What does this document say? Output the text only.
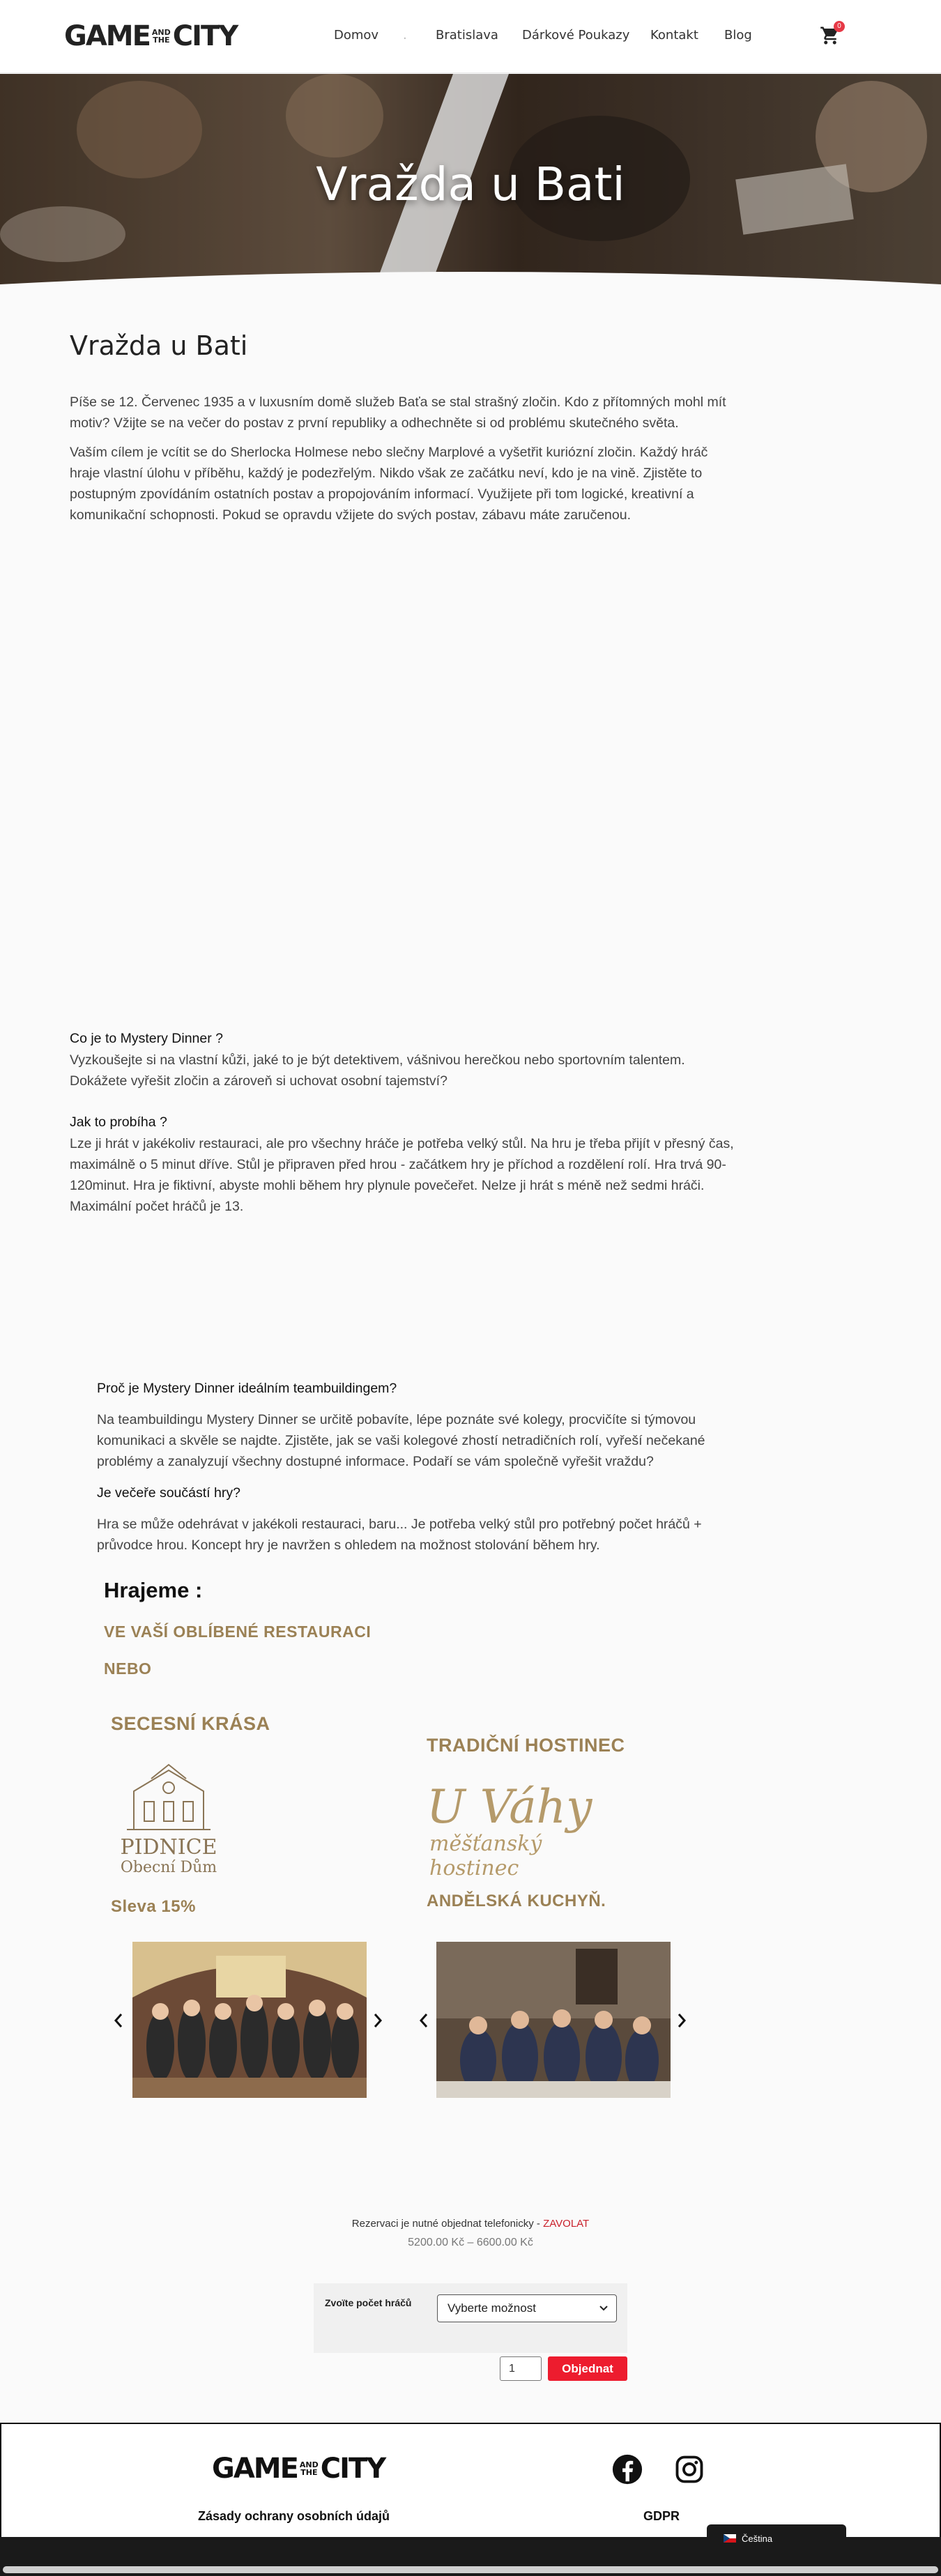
GAME AND
THE CITY	Domov . Bratislava Dárkové Poukazy Kontakt Blog
0
Vražda u Bati
Vražda u Bati

Píše se 12. Červenec 1935 a v luxusním domě služeb Baťa se stal strašný zločin. Kdo z přítomných mohl mít motiv? Vžijte se na večer do postav z první republiky a odhechněte si od problému skutečného světa.

Vaším cílem je vcítit se do Sherlocka Holmese nebo slečny Marplové a vyšetřit kuriózní zločin. Každý hráč hraje vlastní úlohu v příběhu, každý je podezřelým. Nikdo však ze začátku neví, kdo je na vině. Zjistěte to postupným zpovídáním ostatních postav a propojováním informací. Využijete při tom logické, kreativní a komunikační schopnosti. Pokud se opravdu vžijete do svých postav, zábavu máte zaručenou.

Co je to Mystery Dinner ?

Vyzkoušejte si na vlastní kůži, jaké to je být detektivem, vášnivou herečkou nebo sportovním talentem. Dokážete vyřešit zločin a zároveň si uchovat osobní tajemství?

Jak to probíha ?

Lze ji hrát v jakékoliv restauraci, ale pro všechny hráče je potřeba velký stůl. Na hru je třeba přijít v přesný čas, maximálně o 5 minut dříve. Stůl je připraven před hrou - začátkem hry je příchod a rozdělení rolí. Hra trvá 90-120minut. Hra je fiktivní, abyste mohli během hry plynule povečeřet. Nelze ji hrát s méně než sedmi hráči. Maximální počet hráčů je 13.

Proč je Mystery Dinner ideálním teambuildingem?

Na teambuildingu Mystery Dinner se určitě pobavíte, lépe poznáte své kolegy, procvičíte si týmovou komunikaci a skvěle se najdte. Zjistěte, jak se vaši kolegové zhostí netradičních rolí, vyřeší nečekané problémy a zanalyzují všechny dostupné informace. Podaří se vám společně vyřešit vraždu?

Je večeře součástí hry?

Hra se může odehrávat v jakékoli restauraci, baru... Je potřeba velký stůl pro potřebný počet hráčů + průvodce hrou. Koncept hry je navržen s ohledem na možnost stolování během hry.

Hrajeme :
VE VAŠÍ OBLÍBENÉ RESTAURACI
NEBO
SECESNÍ KRÁSA
TRADIČNÍ HOSTINEC
PIDNICE
Obecní Dům
U Váhy
měšťanský hostinec
Sleva 15%	ANDĚLSKÁ KUCHYŇ.
Rezervaci je nutné objednat telefonicky - ZAVOLAT
5200.00 Kč – 6600.00 Kč
Zvoïte počet hráčů	Vyberte možnost
1	Objednat
GAME AND
THE CITY
Zásady ochrany osobních údajů	GDPR
Čeština
